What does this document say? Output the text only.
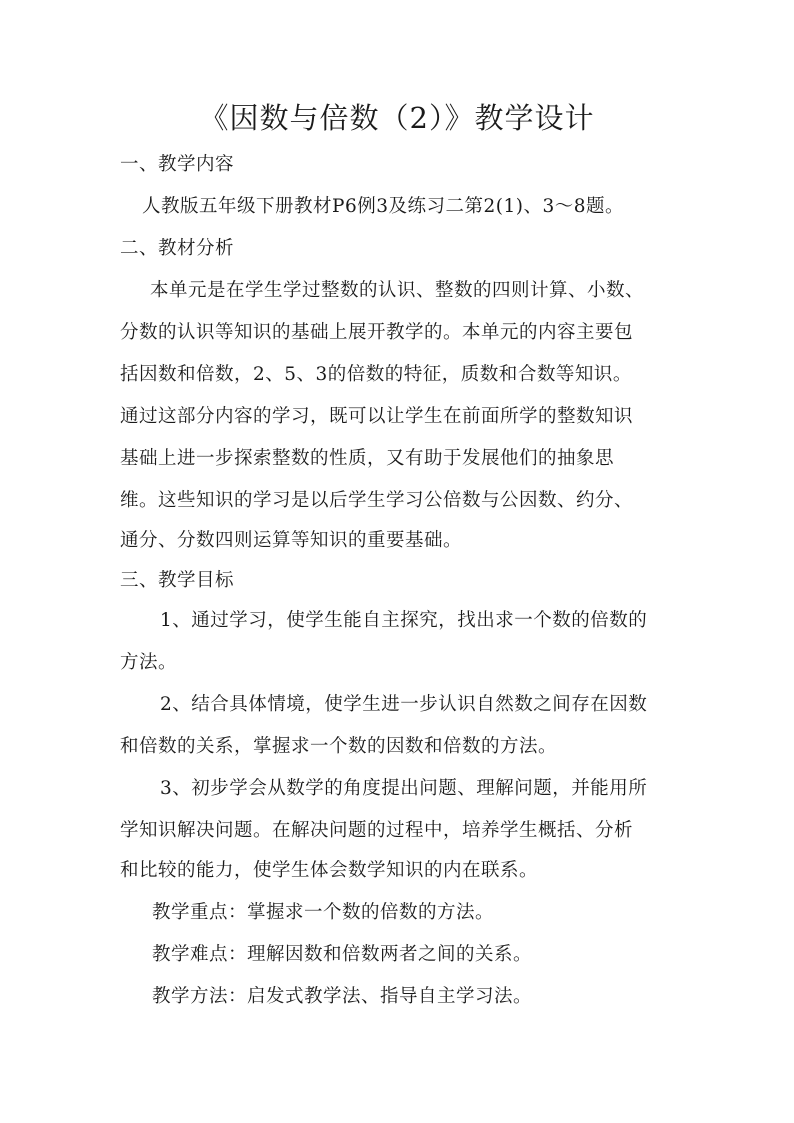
《因数与倍数（2）》教学设计
一、教学内容
人教版五年级下册教材P6例3及练习二第2(1)、3～8题。
二、教材分析
本单元是在学生学过整数的认识、整数的四则计算、小数、
分数的认识等知识的基础上展开教学的。本单元的内容主要包
括因数和倍数，2、5、3的倍数的特征，质数和合数等知识。
通过这部分内容的学习，既可以让学生在前面所学的整数知识
基础上进一步探索整数的性质，又有助于发展他们的抽象思
维。这些知识的学习是以后学生学习公倍数与公因数、约分、
通分、分数四则运算等知识的重要基础。
三、教学目标
1、通过学习，使学生能自主探究，找出求一个数的倍数的
方法。
2、结合具体情境，使学生进一步认识自然数之间存在因数
和倍数的关系，掌握求一个数的因数和倍数的方法。
3、初步学会从数学的角度提出问题、理解问题，并能用所
学知识解决问题。在解决问题的过程中，培养学生概括、分析
和比较的能力，使学生体会数学知识的内在联系。
教学重点：掌握求一个数的倍数的方法。
教学难点：理解因数和倍数两者之间的关系。
教学方法：启发式教学法、指导自主学习法。
